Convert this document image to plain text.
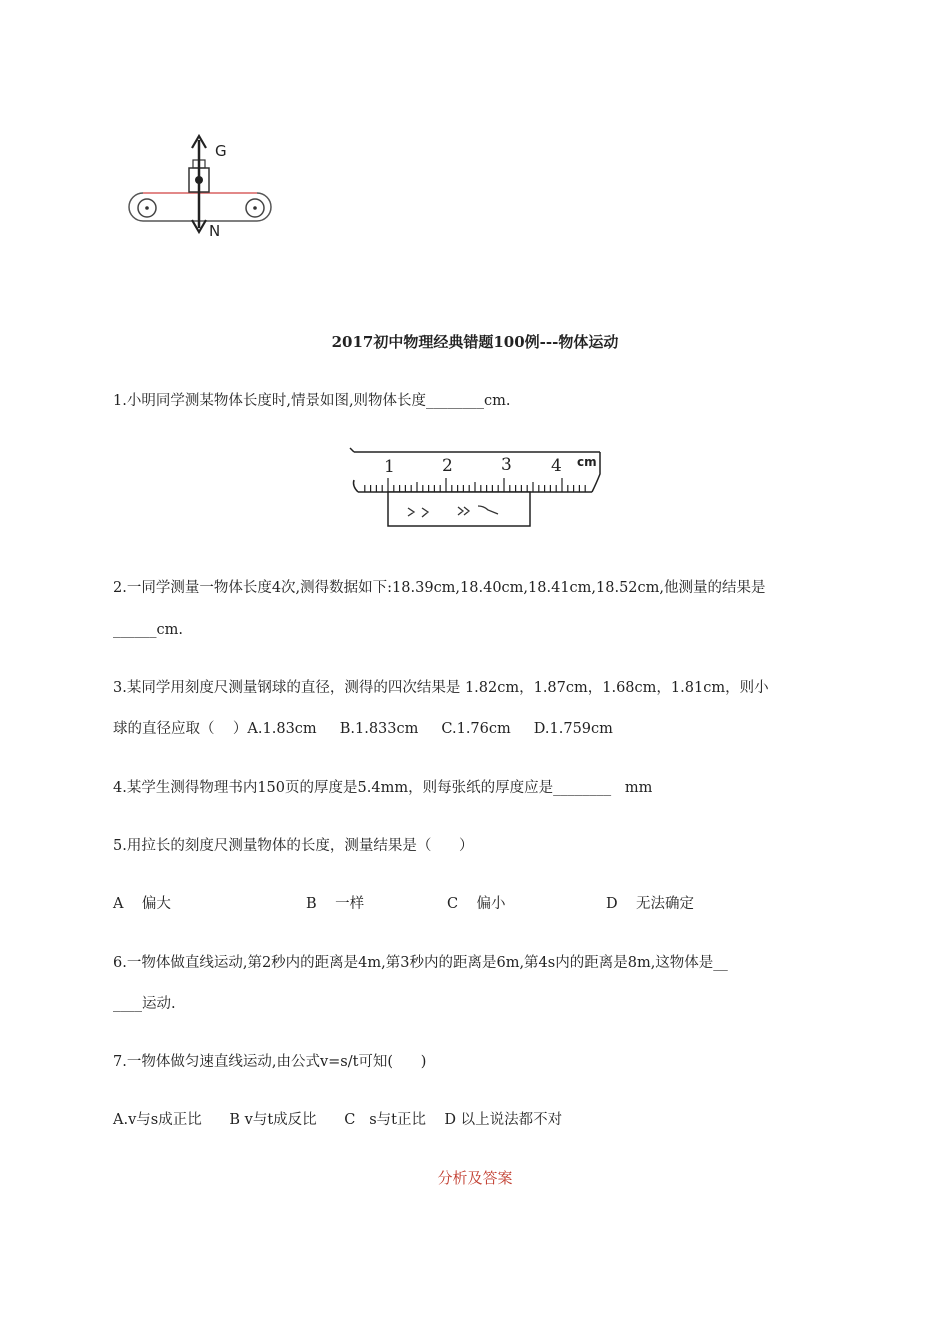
G
N
2017初中物理经典错题100例---物体运动
1.小明同学测某物体长度时,情景如图,则物体长度________cm.
1	2	3 4 cm
2.一同学测量一物体长度4次,测得数据如下:18.39cm,18.40cm,18.41cm,18.52cm,他测量的结果是
______cm.
3.某同学用刻度尺测量钢球的直径，测得的四次结果是 1.82cm，1.87cm，1.68cm，1.81cm，则小
球的直径应取（    ）A.1.83cm     B.1.833cm     C.1.76cm     D.1.759cm
4.某学生测得物理书内150页的厚度是5.4mm，则每张纸的厚度应是________   mm
5.用拉长的刻度尺测量物体的长度，测量结果是（      ）
A    偏大	B    一样	C    偏小	D    无法确定
6.一物体做直线运动,第2秒内的距离是4m,第3秒内的距离是6m,第4s内的距离是8m,这物体是__
____运动.
7.一物体做匀速直线运动,由公式v=s/t可知(      )
A.v与s成正比      B v与t成反比      C   s与t正比    D 以上说法都不对
分析及答案
